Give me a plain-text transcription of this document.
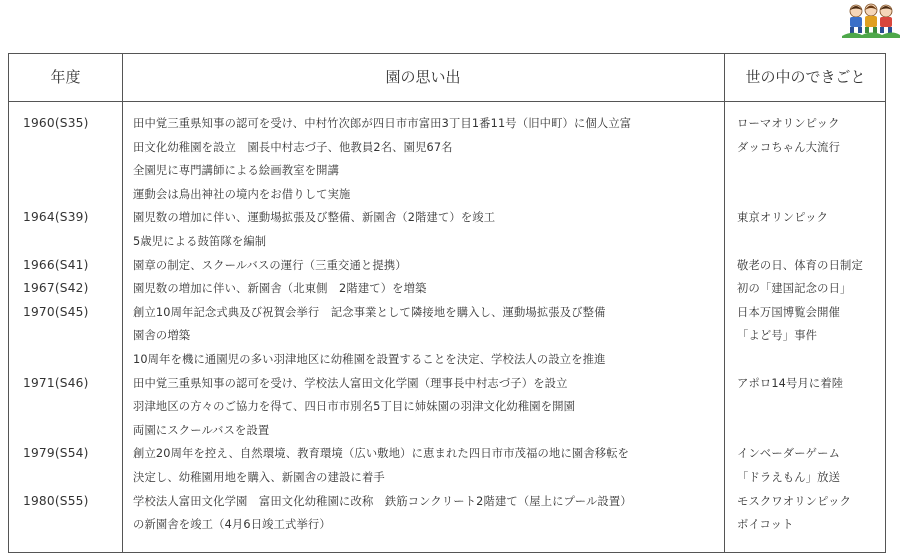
年度	園の思い出	世の中のできごと
1960(S35)	田中覚三重県知事の認可を受け、中村竹次郎が四日市市富田3丁目1番11号（旧中町）に個人立富	ローマオリンピック
田文化幼稚園を設立　園長中村志づ子、他教員2名、園児67名	ダッコちゃん大流行
全園児に専門講師による絵画教室を開講
運動会は鳥出神社の境内をお借りして実施
1964(S39)	園児数の増加に伴い、運動場拡張及び整備、新園舎（2階建て）を竣工	東京オリンピック
5歳児による鼓笛隊を編制
1966(S41)	園章の制定、スクールバスの運行（三重交通と提携）	敬老の日、体育の日制定
1967(S42)	園児数の増加に伴い、新園舎（北東側　2階建て）を増築	初の「建国記念の日」
1970(S45)	創立10周年記念式典及び祝賀会挙行　記念事業として隣接地を購入し、運動場拡張及び整備	日本万国博覧会開催
園舎の増築	「よど号」事件
10周年を機に通園児の多い羽津地区に幼稚園を設置することを決定、学校法人の設立を推進
1971(S46)	田中覚三重県知事の認可を受け、学校法人富田文化学園（理事長中村志づ子）を設立	アポロ14号月に着陸
羽津地区の方々のご協力を得て、四日市市別名5丁目に姉妹園の羽津文化幼稚園を開園
両園にスクールバスを設置
1979(S54)	創立20周年を控え、自然環境、教育環境（広い敷地）に恵まれた四日市市茂福の地に園舎移転を	インベーダーゲーム
決定し、幼稚園用地を購入、新園舎の建設に着手	「ドラえもん」放送
1980(S55)	学校法人富田文化学園　富田文化幼稚園に改称　鉄筋コンクリート2階建て（屋上にプール設置）	モスクワオリンピック
の新園舎を竣工（4月6日竣工式挙行）	ボイコット
